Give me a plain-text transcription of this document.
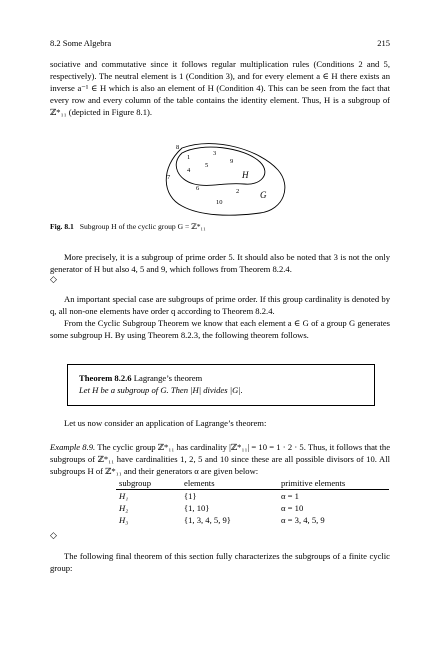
8.2 Some Algebra	215
sociative and commutative since it follows regular multiplication rules (Conditions 2 and 5, respectively). The neutral element is 1 (Condition 3), and for every element a ∈ H there exists an inverse a⁻¹ ∈ H which is also an element of H (Condition 4). This can be seen from the fact that every row and every column of the table contains the identity element. Thus, H is a subgroup of ℤ*₁₁ (depicted in Figure 8.1).
1
3
5
9
4	H
8
7
6
10
2 G
Fig. 8.1 Subgroup H of the cyclic group G = ℤ*₁₁
More precisely, it is a subgroup of prime order 5. It should also be noted that 3 is not the only generator of H but also 4, 5 and 9, which follows from Theorem 8.2.4.
◇
An important special case are subgroups of prime order. If this group cardinality is denoted by q, all non-one elements have order q according to Theorem 8.2.4.
From the Cyclic Subgroup Theorem we know that each element a ∈ G of a group G generates some subgroup H. By using Theorem 8.2.3, the following theorem follows.
Theorem 8.2.6 Lagrange’s theorem
Let H be a subgroup of G. Then |H| divides |G|.
Let us now consider an application of Lagrange’s theorem:
Example 8.9. The cyclic group ℤ*₁₁ has cardinality |ℤ*₁₁| = 10 = 1 · 2 · 5. Thus, it follows that the subgroups of ℤ*₁₁ have cardinalities 1, 2, 5 and 10 since these are all possible divisors of 10. All subgroups H of ℤ*₁₁ and their generators α are given below:
subgroup	elements	primitive elements
H₁	{1}	α = 1
H₂	{1, 10}	α = 10
H₃	{1, 3, 4, 5, 9}	α = 3, 4, 5, 9
◇
The following final theorem of this section fully characterizes the subgroups of a finite cyclic group:
